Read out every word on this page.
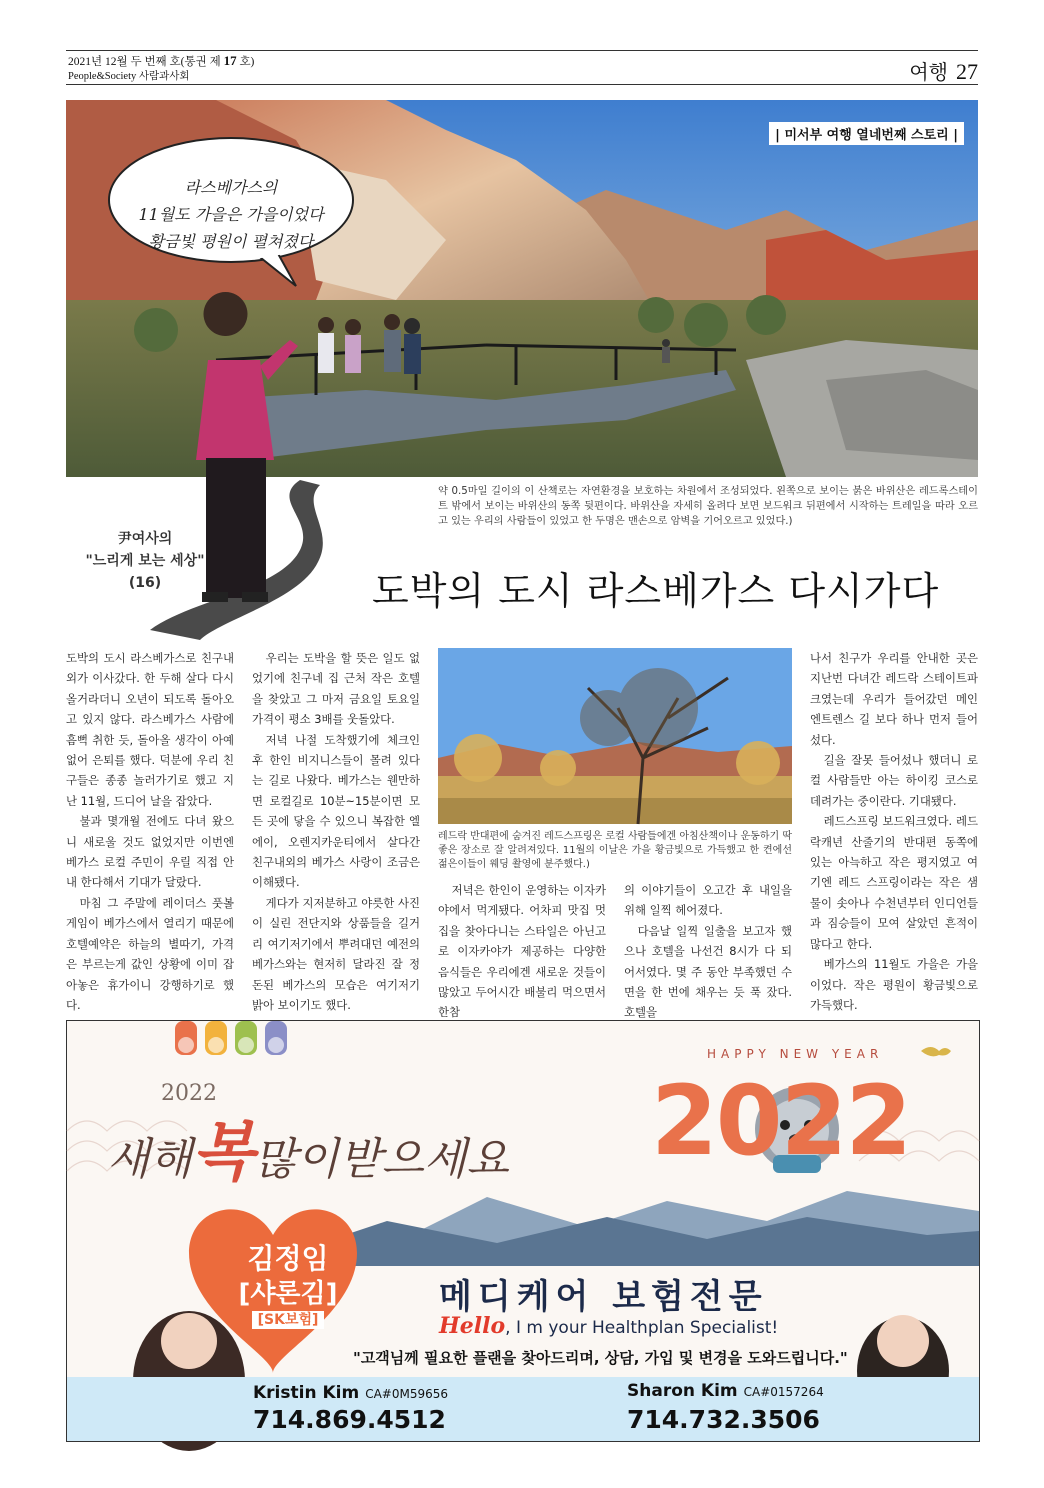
2021년 12월 두 번째 호(통권 제 17 호)
People&Society 사람과사회	여행 27
| 미서부 여행 열네번째 스토리 |
라스베가스의
11월도 가을은 가을이었다
황금빛 평원이 펼쳐졌다
약 0.5마일 길이의 이 산책로는 자연환경을 보호하는 차원에서 조성되었다. 왼쪽으로 보이는 붉은 바위산은 레드록스테이트 밖에서 보이는 바위산의 동쪽 뒷편이다. 바위산을 자세히 올려다 보면 보드워크 뒤편에서 시작하는 트레일을 따라 오르고 있는 우리의 사람들이 있었고 한 두명은 맨손으로 암벽을 기어오르고 있었다.)
尹여사의
"느리게 보는 세상"
(16)	도박의 도시 라스베가스 다시가다

도박의 도시 라스베가스로 친구내외가 이사갔다. 한 두해 살다 다시 올거라더니 오년이 되도록 돌아오고 있지 않다. 라스베가스 사람에 흠뻑 취한 듯, 돌아올 생각이 아예 없어 은퇴를 했다. 덕분에 우리 친구들은 종종 놀러가기로 했고 지난 11월, 드디어 날을 잡았다.

불과 몇개월 전에도 다녀 왔으니 새로울 것도 없었지만 이번엔 베가스 로컬 주민이 우릴 직접 안내 한다해서 기대가 달랐다.

마침 그 주말에 레이더스 풋볼게임이 베가스에서 열리기 때문에 호텔예약은 하늘의 별따기, 가격은 부르는게 값인 상황에 이미 잡아놓은 휴가이니 강행하기로 했다.

우리는 도박을 할 뜻은 일도 없었기에 친구네 집 근처 작은 호텔을 찾았고 그 마저 금요일 토요일 가격이 평소 3배를 웃돌았다.

저녁 나절 도착했기에 체크인 후 한인 비지니스들이 몰려 있다는 길로 나왔다. 베가스는 웬만하면 로컬길로 10분~15분이면 모든 곳에 닿을 수 있으니 복잡한 엘에이, 오렌지카운티에서 살다간 친구내외의 베가스 사랑이 조금은 이해됐다.

게다가 지저분하고 야릇한 사진이 실린 전단지와 상품들을 길거리 여기저기에서 뿌려대던 예전의 베가스와는 현저히 달라진 잘 정돈된 베가스의 모습은 여기저기 밝아 보이기도 했다.

레드락 반대편에 숨겨진 레드스프링은 로컬 사람들에겐 아침산책이나 운동하기 딱 좋은 장소로 잘 알려져있다. 11월의 이날은 가을 황금빛으로 가득했고 한 켠에선 젊은이들이 웨딩 촬영에 분주했다.)

저녁은 한인이 운영하는 이자카야에서 먹게됐다. 어차피 맛집 멋집을 찾아다니는 스타일은 아닌고로 이자카야가 제공하는 다양한 음식들은 우리에겐 새로운 것들이 많았고 두어시간 배불리 먹으면서 한참

의 이야기들이 오고간 후 내일을 위해 일찍 헤어졌다.

다음날 일찍 일출을 보고자 했으나 호텔을 나선건 8시가 다 되어서였다. 몇 주 동안 부족했던 수면을 한 번에 채우는 듯 푹 잤다. 호텔을

나서 친구가 우리를 안내한 곳은 지난번 다녀간 레드락 스테이트파크였는데 우리가 들어갔던 메인 엔트렌스 길 보다 하나 먼저 들어섰다.

길을 잘못 들어섰나 했더니 로컬 사람들만 아는 하이킹 코스로 데려가는 중이란다. 기대됐다.

레드스프링 보드워크였다. 레드락캐년 산줄기의 반대편 동쪽에 있는 아늑하고 작은 평지였고 여기엔 레드 스프링이라는 작은 샘물이 솟아나 수천년부터 인디언들과 짐승들이 모여 살았던 흔적이 많다고 한다.

베가스의 11월도 가을은 가을이었다. 작은 평원이 황금빛으로 가득했다.

2022
새해복많이받으세요
HAPPY NEW YEAR
2022
김정임
[샤론김]
[SK보험]
메디케어 보험전문
Hello, I m your Healthplan Specialist!
"고객님께 필요한 플랜을 찾아드리며, 상담, 가입 및 변경을 도와드립니다."
Kristin Kim CA#0M59656
714.869.4512
Sharon Kim CA#0157264
714.732.3506
